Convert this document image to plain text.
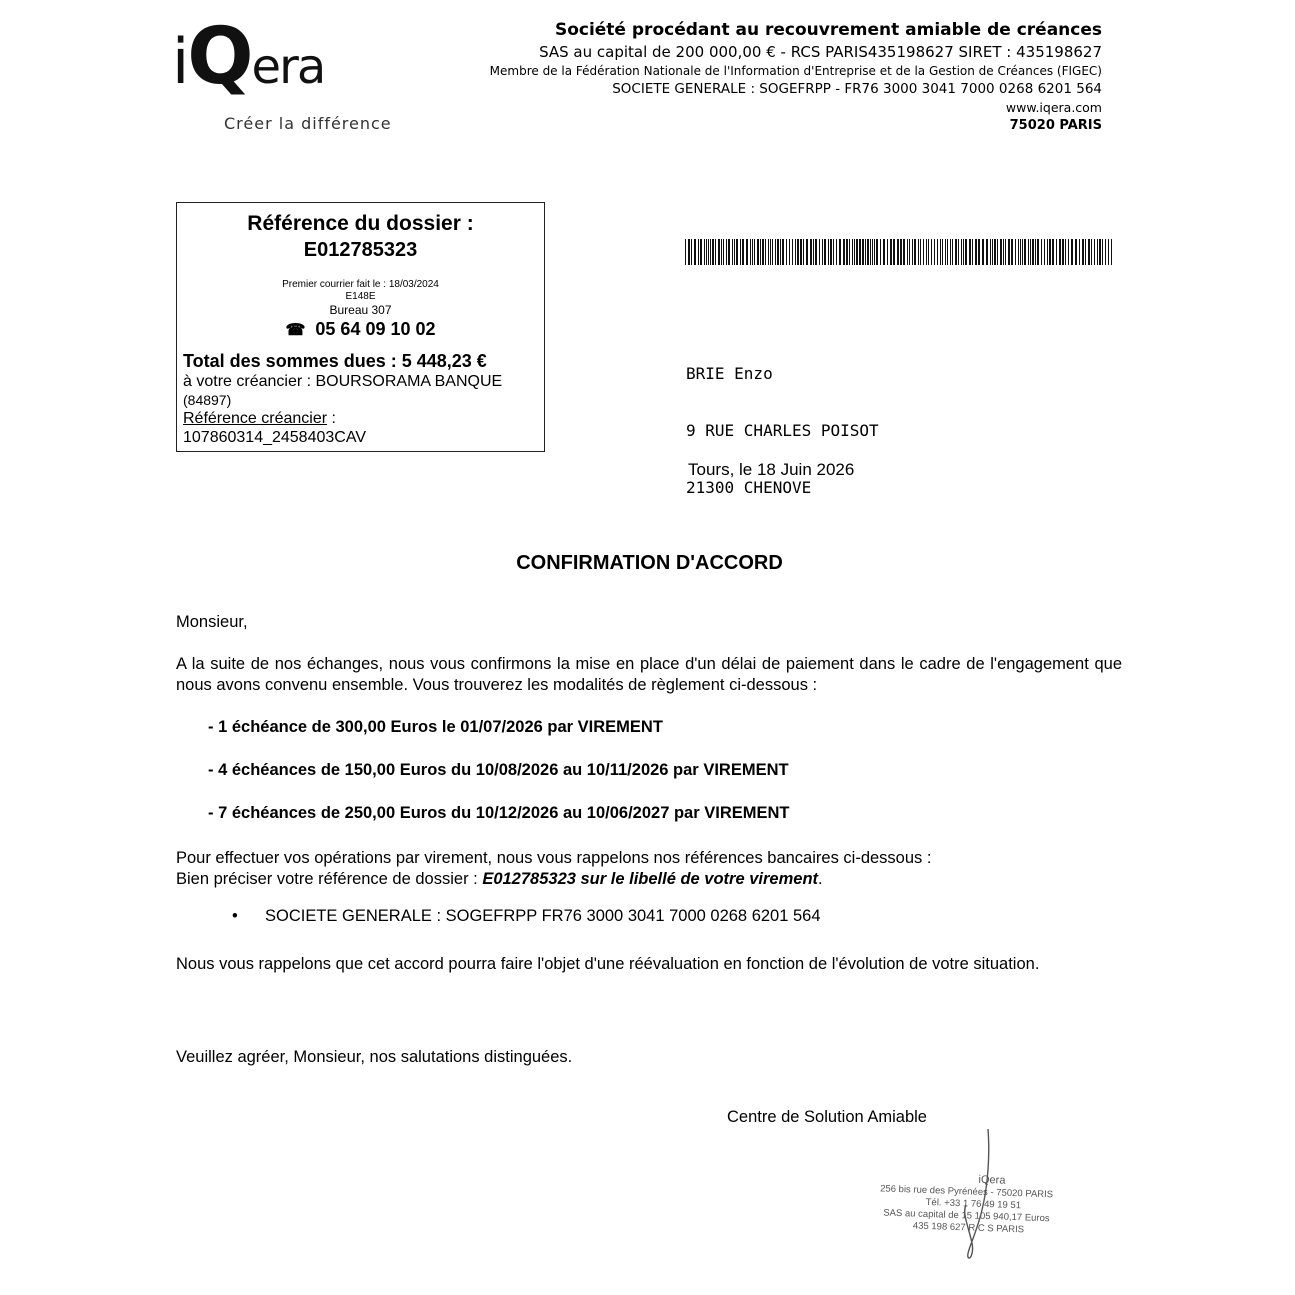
iQera
Créer la différence
Société procédant au recouvrement amiable de créances
SAS au capital de 200 000,00 € - RCS PARIS435198627 SIRET : 435198627
Membre de la Fédération Nationale de l'Information d'Entreprise et de la Gestion de Créances (FIGEC)
SOCIETE GENERALE : SOGEFRPP - FR76 3000 3041 7000 0268 6201 564
www.iqera.com
75020 PARIS
Référence du dossier :
E012785323
Premier courrier fait le : 18/03/2024
E148E
Bureau 307
☎ 05 64 09 10 02
Total des sommes dues : 5 448,23 €
à votre créancier : BOURSORAMA BANQUE
(84897)
Référence créancier :
107860314_2458403CAV

BRIE Enzo

9 RUE CHARLES POISOT

21300 CHENOVE

Tours, le 18 Juin 2026
CONFIRMATION D'ACCORD
Monsieur,
A la suite de nos échanges, nous vous confirmons la mise en place d'un délai de paiement dans le cadre de l'engagement que nous avons convenu ensemble. Vous trouverez les modalités de règlement ci-dessous :
- 1 échéance de 300,00 Euros le 01/07/2026 par VIREMENT
- 4 échéances de 150,00 Euros du 10/08/2026 au 10/11/2026 par VIREMENT
- 7 échéances de 250,00 Euros du 10/12/2026 au 10/06/2027 par VIREMENT
Pour effectuer vos opérations par virement, nous vous rappelons nos références bancaires ci-dessous :
Bien préciser votre référence de dossier : E012785323 sur le libellé de votre virement.
• SOCIETE GENERALE : SOGEFRPP FR76 3000 3041 7000 0268 6201 564
Nous vous rappelons que cet accord pourra faire l'objet d'une réévaluation en fonction de l'évolution de votre situation.
Veuillez agréer, Monsieur, nos salutations distinguées.
Centre de Solution Amiable
iQera
256 bis rue des Pyrénées - 75020 PARIS
Tél. +33 1 76 49 19 51
SAS au capital de 15 105 940,17 Euros
435 198 627 R C S PARIS
